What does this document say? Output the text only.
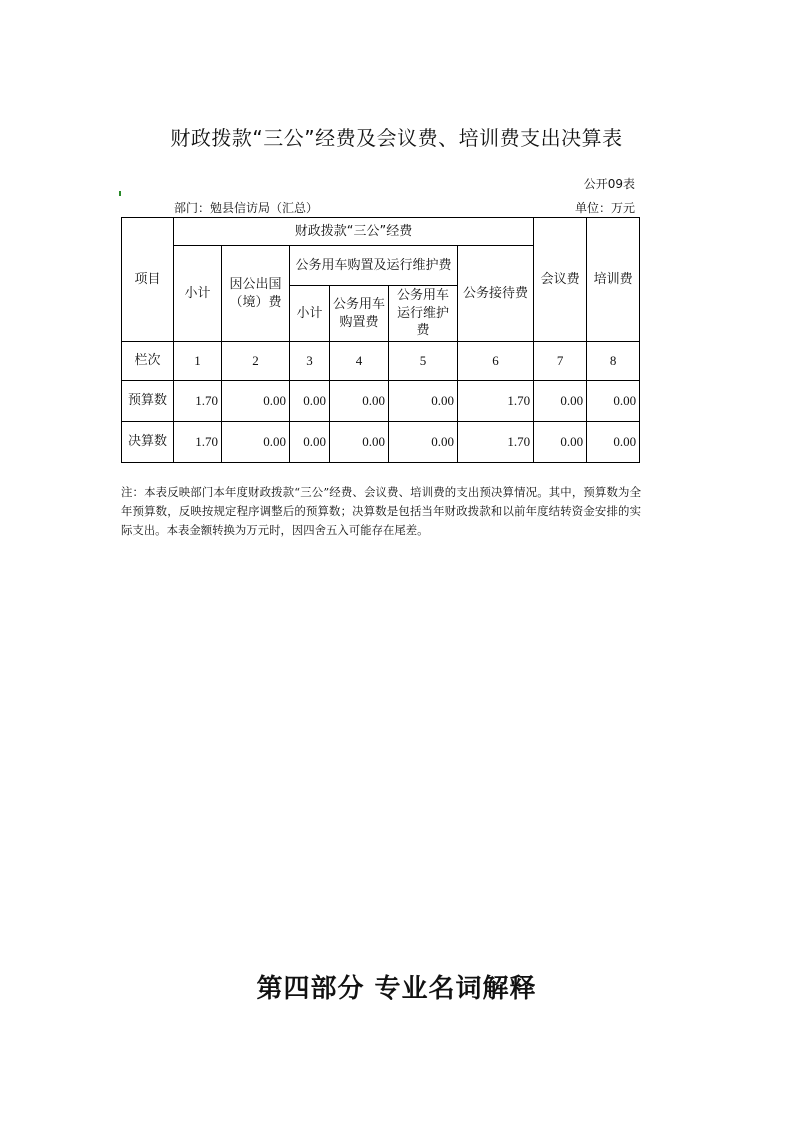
财政拨款“三公”经费及会议费、培训费支出决算表
公开09表
部门：勉县信访局（汇总）	单位：万元
项目	财政拨款“三公”经费						会议费	培训费
	小计	因公出国（境）费	公务用车购置及运行维护费			公务接待费		
			小计	公务用车购置费	公务用车运行维护费			

栏次	1	2	3	4	5	6	7	8
预算数	1.70	0.00	0.00	0.00	0.00	1.70	0.00	0.00
决算数	1.70	0.00	0.00	0.00	0.00	1.70	0.00	0.00
注：本表反映部门本年度财政拨款“三公”经费、会议费、培训费的支出预决算情况。其中，预算数为全年预算数，反映按规定程序调整后的预算数；决算数是包括当年财政拨款和以前年度结转资金安排的实际支出。本表金额转换为万元时，因四舍五入可能存在尾差。
第四部分 专业名词解释
